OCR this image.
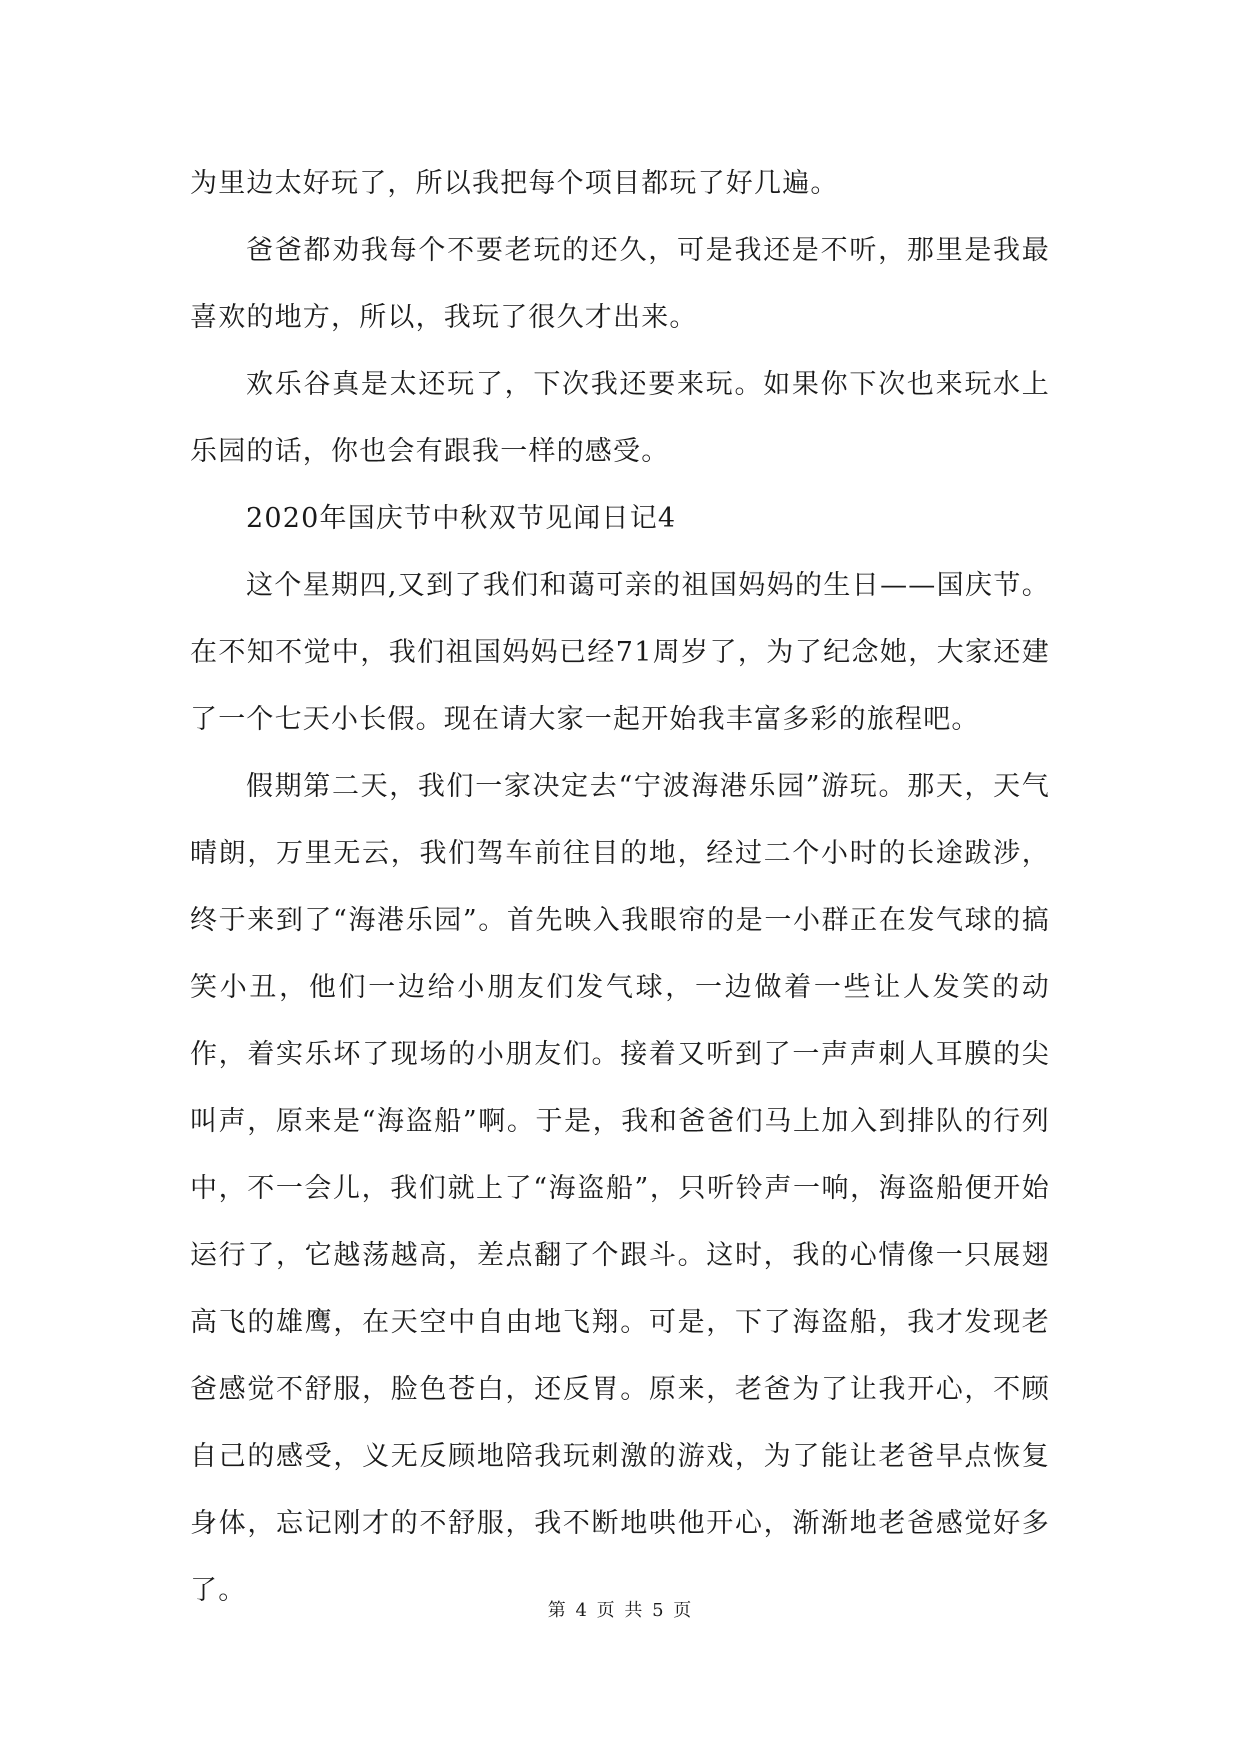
为里边太好玩了，所以我把每个项目都玩了好几遍。

爸爸都劝我每个不要老玩的还久，可是我还是不听，那里是我最喜欢的地方，所以，我玩了很久才出来。

欢乐谷真是太还玩了，下次我还要来玩。如果你下次也来玩水上乐园的话，你也会有跟我一样的感受。

2020年国庆节中秋双节见闻日记4

这个星期四,又到了我们和蔼可亲的祖国妈妈的生日——国庆节。在不知不觉中，我们祖国妈妈已经71周岁了，为了纪念她，大家还建了一个七天小长假。现在请大家一起开始我丰富多彩的旅程吧。

假期第二天，我们一家决定去“宁波海港乐园”游玩。那天，天气晴朗，万里无云，我们驾车前往目的地，经过二个小时的长途跋涉，终于来到了“海港乐园”。首先映入我眼帘的是一小群正在发气球的搞笑小丑，他们一边给小朋友们发气球，一边做着一些让人发笑的动作，着实乐坏了现场的小朋友们。接着又听到了一声声刺人耳膜的尖叫声，原来是“海盗船”啊。于是，我和爸爸们马上加入到排队的行列中，不一会儿，我们就上了“海盗船”，只听铃声一响，海盗船便开始运行了，它越荡越高，差点翻了个跟斗。这时，我的心情像一只展翅高飞的雄鹰，在天空中自由地飞翔。可是，下了海盗船，我才发现老爸感觉不舒服，脸色苍白，还反胃。原来，老爸为了让我开心，不顾自己的感受，义无反顾地陪我玩刺激的游戏，为了能让老爸早点恢复身体，忘记刚才的不舒服，我不断地哄他开心，渐渐地老爸感觉好多了。

第 4 页 共 5 页
